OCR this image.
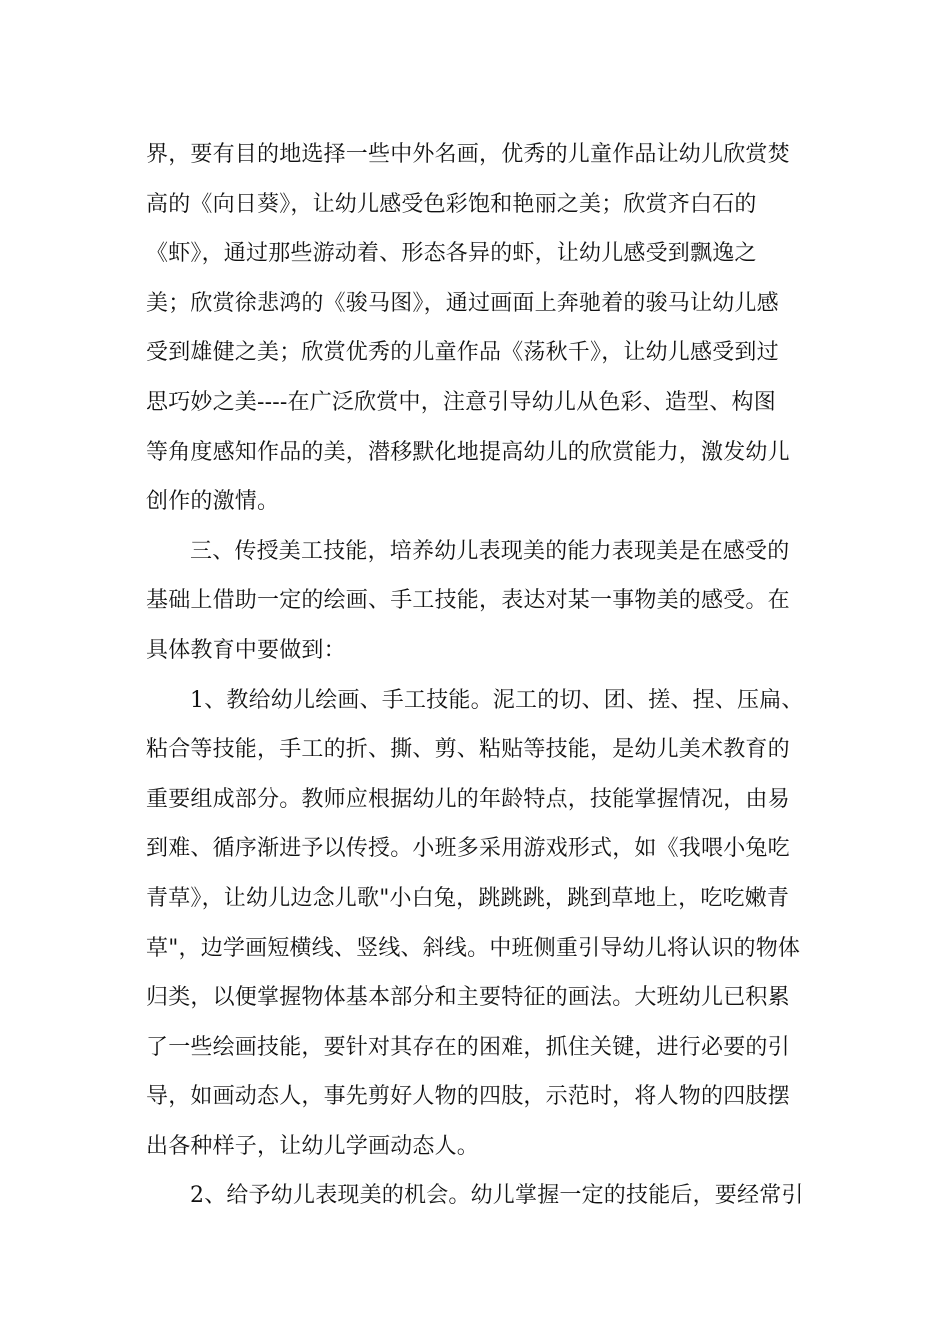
界，要有目的地选择一些中外名画，优秀的儿童作品让幼儿欣赏焚
高的《向日葵》，让幼儿感受色彩饱和艳丽之美；欣赏齐白石的
《虾》，通过那些游动着、形态各异的虾，让幼儿感受到飘逸之
美；欣赏徐悲鸿的《骏马图》，通过画面上奔驰着的骏马让幼儿感
受到雄健之美；欣赏优秀的儿童作品《荡秋千》，让幼儿感受到过
思巧妙之美----在广泛欣赏中，注意引导幼儿从色彩、造型、构图
等角度感知作品的美，潜移默化地提高幼儿的欣赏能力，激发幼儿
创作的激情。
三、传授美工技能，培养幼儿表现美的能力表现美是在感受的
基础上借助一定的绘画、手工技能，表达对某一事物美的感受。在
具体教育中要做到：
1、教给幼儿绘画、手工技能。泥工的切、团、搓、捏、压扁、
粘合等技能，手工的折、撕、剪、粘贴等技能，是幼儿美术教育的
重要组成部分。教师应根据幼儿的年龄特点，技能掌握情况，由易
到难、循序渐进予以传授。小班多采用游戏形式，如《我喂小兔吃
青草》，让幼儿边念儿歌"小白兔，跳跳跳，跳到草地上，吃吃嫩青
草"，边学画短横线、竖线、斜线。中班侧重引导幼儿将认识的物体
归类，以便掌握物体基本部分和主要特征的画法。大班幼儿已积累
了一些绘画技能，要针对其存在的困难，抓住关键，进行必要的引
导，如画动态人，事先剪好人物的四肢，示范时，将人物的四肢摆
出各种样子，让幼儿学画动态人。
2、给予幼儿表现美的机会。幼儿掌握一定的技能后，要经常引
